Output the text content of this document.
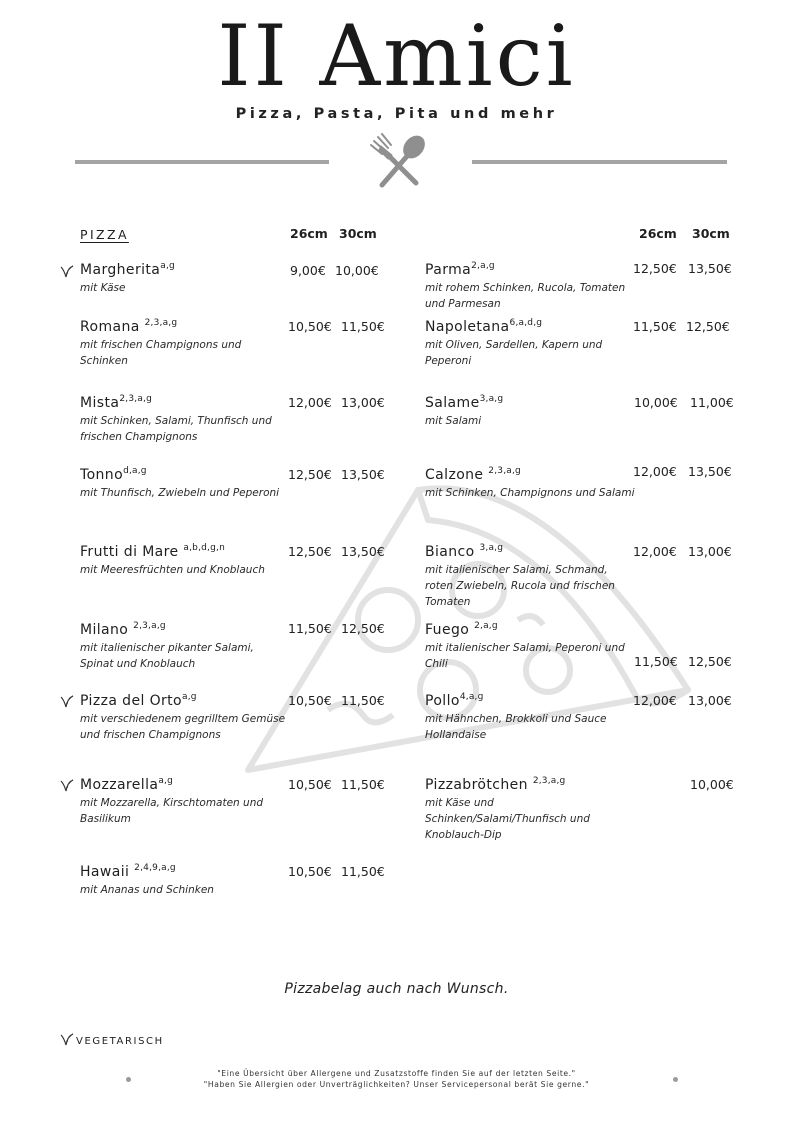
II Amici
Pizza, Pasta, Pita und mehr
PIZZA	26cm 30cm	26cm 30cm
Margherita$^{a,g}$
mit Käse
Romana $^{2,3,a,g}$
mit frischen Champignons und Schinken
Mista$^{2,3,a,g}$
mit Schinken, Salami, Thunfisch und frischen Champignons
Tonno$^{d,a,g}$
mit Thunfisch, Zwiebeln und Peperoni
Frutti di Mare $^{a,b,d,g,n}$
mit Meeresfrüchten und Knoblauch
Milano $^{2,3,a,g}$
mit italienischer pikanter Salami, Spinat und Knoblauch
Pizza del Orto$^{a,g}$
mit verschiedenem gegrilltem Gemüse und frischen Champignons
Mozzarella$^{a,g}$
mit Mozzarella, Kirschtomaten und Basilikum
Hawaii $^{2,4,9,a,g}$
mit Ananas und Schinken
9,00€ 10,00€
10,50€ 11,50€
12,00€ 13,00€
12,50€ 13,50€
12,50€ 13,50€
11,50€ 12,50€
10,50€ 11,50€
10,50€ 11,50€
10,50€ 11,50€
Parma$^{2,a,g}$
mit rohem Schinken, Rucola, Tomaten und Parmesan
Napoletana$^{6,a,d,g}$
mit Oliven, Sardellen, Kapern und Peperoni
Salame$^{3,a,g}$
mit Salami
Calzone $^{2,3,a,g}$
mit Schinken, Champignons und Salami
Bianco $^{3,a,g}$
mit italienischer Salami, Schmand, roten Zwiebeln, Rucola und frischen Tomaten
Fuego $^{2,a,g}$
mit italienischer Salami, Peperoni und Chili
Pollo$^{4,a,g}$
mit Hähnchen, Brokkoli und Sauce Hollandaise
Pizzabrötchen $^{2,3,a,g}$
mit Käse und Schinken/Salami/Thunfisch und Knoblauch-Dip
12,50€ 13,50€
11,50€ 12,50€
10,00€ 11,00€
12,00€ 13,50€
12,00€ 13,00€
11,50€ 12,50€
12,00€ 13,00€
10,00€
Pizzabelag auch nach Wunsch.
VEGETARISCH
"Eine Übersicht über Allergene und Zusatzstoffe finden Sie auf der letzten Seite."
"Haben Sie Allergien oder Unverträglichkeiten? Unser Servicepersonal berät Sie gerne."
